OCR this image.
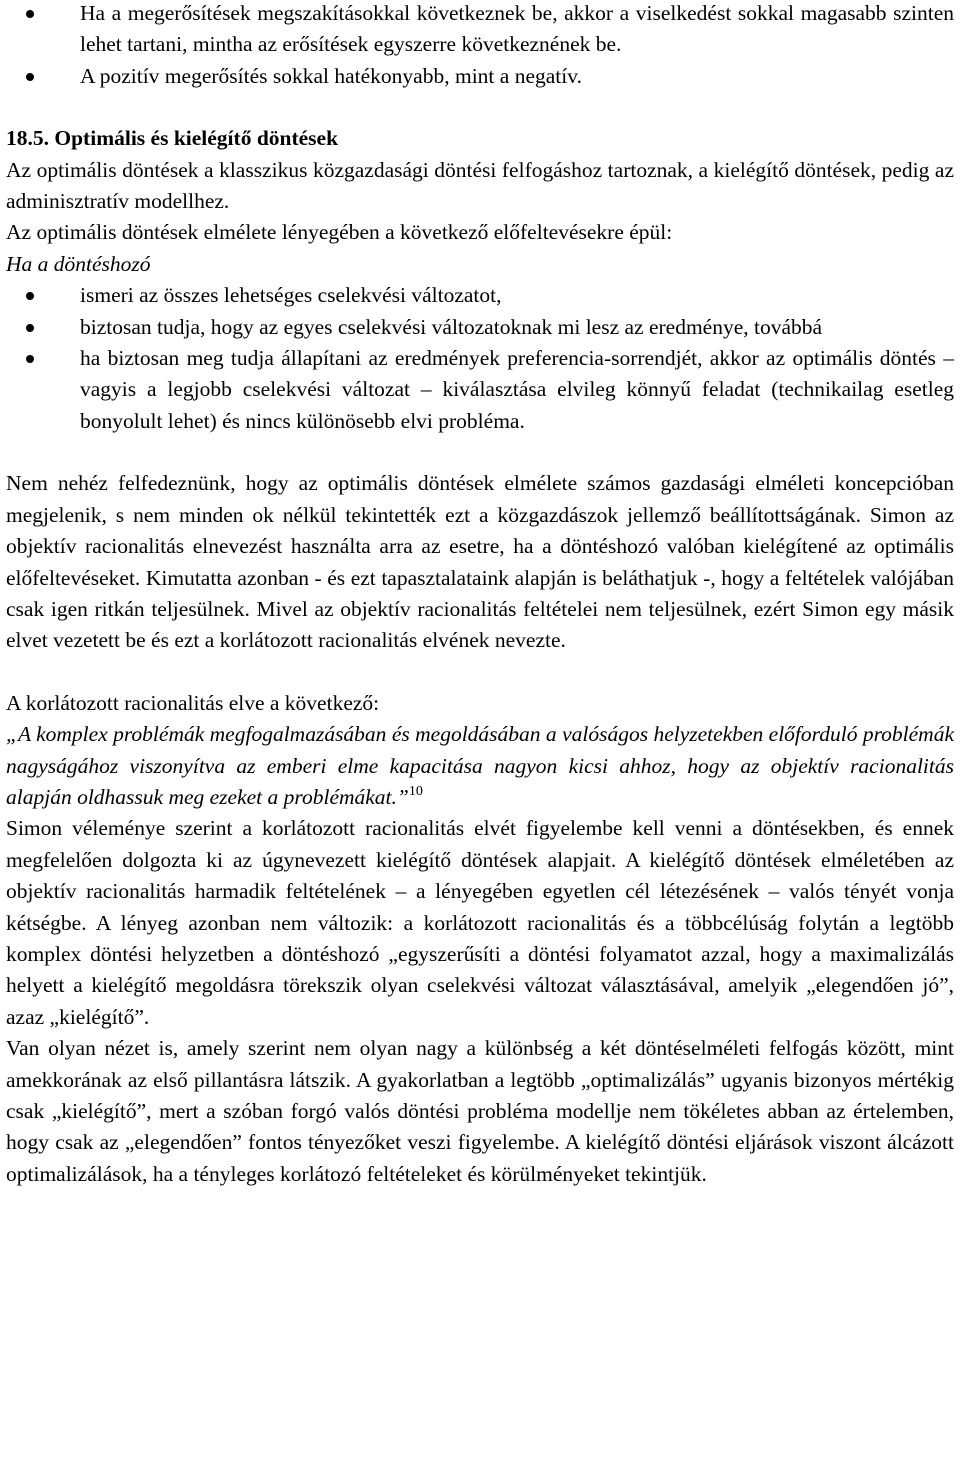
Ha a megerősítések megszakításokkal következnek be, akkor a viselkedést sokkal magasabb szinten lehet tartani, mintha az erősítések egyszerre következnének be.
A pozitív megerősítés sokkal hatékonyabb, mint a negatív.

18.5. Optimális és kielégítő döntések

Az optimális döntések a klasszikus közgazdasági döntési felfogáshoz tartoznak, a kielégítő döntések, pedig az adminisztratív modellhez.

Az optimális döntések elmélete lényegében a következő előfeltevésekre épül:

Ha a döntéshozó

ismeri az összes lehetséges cselekvési változatot,
biztosan tudja, hogy az egyes cselekvési változatoknak mi lesz az eredménye, továbbá
ha biztosan meg tudja állapítani az eredmények preferencia-sorrendjét, akkor az optimális döntés – vagyis a legjobb cselekvési változat – kiválasztása elvileg könnyű feladat (technikailag esetleg bonyolult lehet) és nincs különösebb elvi probléma.

Nem nehéz felfedeznünk, hogy az optimális döntések elmélete számos gazdasági elméleti koncepcióban megjelenik, s nem minden ok nélkül tekintették ezt a közgazdászok jellemző beállítottságának. Simon az objektív racionalitás elnevezést használta arra az esetre, ha a döntéshozó valóban kielégítené az optimális előfeltevéseket. Kimutatta azonban - és ezt tapasztalataink alapján is beláthatjuk -, hogy a feltételek valójában csak igen ritkán teljesülnek. Mivel az objektív racionalitás feltételei nem teljesülnek, ezért Simon egy másik elvet vezetett be és ezt a korlátozott racionalitás elvének nevezte.

A korlátozott racionalitás elve a következő:

„A komplex problémák megfogalmazásában és megoldásában a valóságos helyzetekben előforduló problémák nagyságához viszonyítva az emberi elme kapacitása nagyon kicsi ahhoz, hogy az objektív racionalitás alapján oldhassuk meg ezeket a problémákat.”$^{10}$

Simon véleménye szerint a korlátozott racionalitás elvét figyelembe kell venni a döntésekben, és ennek megfelelően dolgozta ki az úgynevezett kielégítő döntések alapjait. A kielégítő döntések elméletében az objektív racionalitás harmadik feltételének – a lényegében egyetlen cél létezésének – valós tényét vonja kétségbe. A lényeg azonban nem változik: a korlátozott racionalitás és a többcélúság folytán a legtöbb komplex döntési helyzetben a döntéshozó „egyszerűsíti a döntési folyamatot azzal, hogy a maximalizálás helyett a kielégítő megoldásra törekszik olyan cselekvési változat választásával, amelyik „elegendően jó”, azaz „kielégítő”.

Van olyan nézet is, amely szerint nem olyan nagy a különbség a két döntéselméleti felfogás között, mint amekkorának az első pillantásra látszik. A gyakorlatban a legtöbb „optimalizálás” ugyanis bizonyos mértékig csak „kielégítő”, mert a szóban forgó valós döntési probléma modellje nem tökéletes abban az értelemben, hogy csak az „elegendően” fontos tényezőket veszi figyelembe. A kielégítő döntési eljárások viszont álcázott optimalizálások, ha a tényleges korlátozó feltételeket és körülményeket tekintjük.
